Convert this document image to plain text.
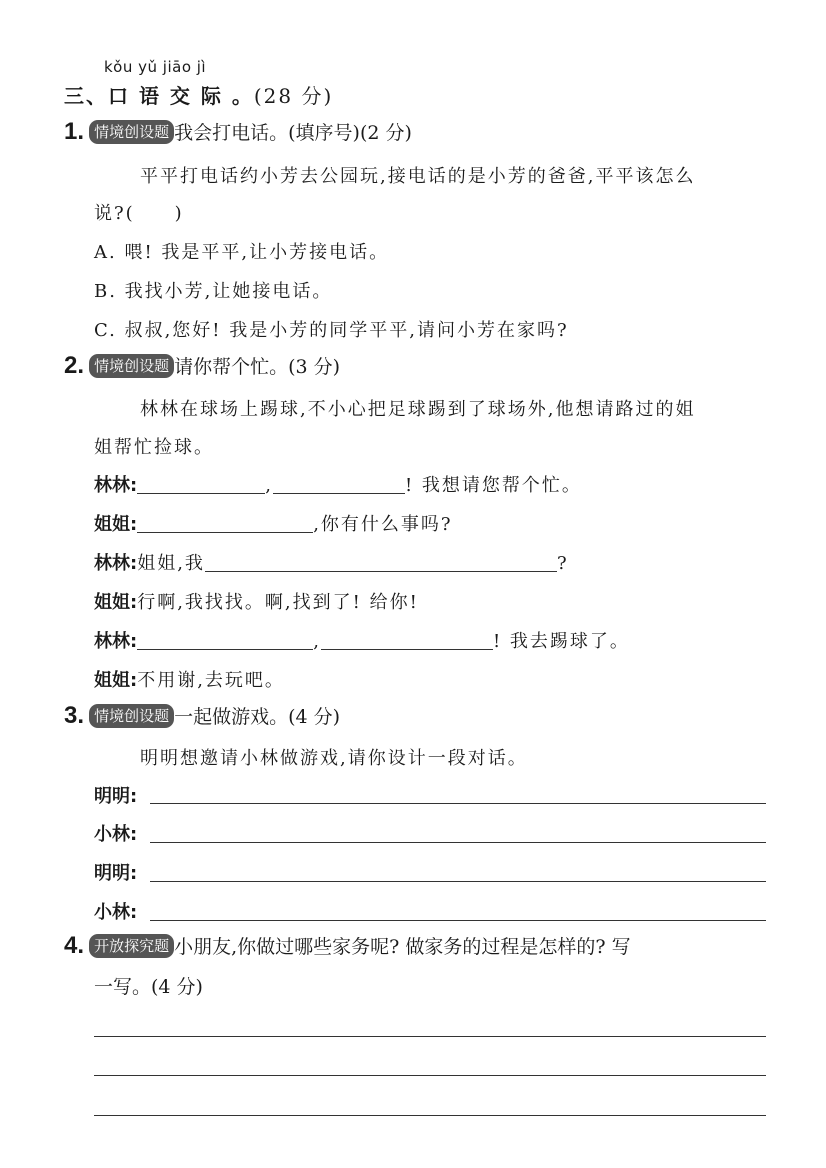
kǒu yǔ jiāo jì
三、口 语 交 际 。(28 分)
1. 情境创设题 我会打电话。(填序号)(2 分)
平平打电话约小芳去公园玩,接电话的是小芳的爸爸,平平该怎么
说?(　　)
A. 喂! 我是平平,让小芳接电话。
B. 我找小芳,让她接电话。
C. 叔叔,您好! 我是小芳的同学平平,请问小芳在家吗?
2. 情境创设题 请你帮个忙。(3 分)
林林在球场上踢球,不小心把足球踢到了球场外,他想请路过的姐
姐帮忙捡球。
林林:	,	! 我想请您帮个忙。
姐姐:	,你有什么事吗?
林林:姐姐,我	?
姐姐:行啊,我找找。啊,找到了! 给你!
林林:	,	! 我去踢球了。
姐姐:不用谢,去玩吧。
3. 情境创设题 一起做游戏。(4 分)
明明想邀请小林做游戏,请你设计一段对话。
明明:
小林:
明明:
小林:
4. 开放探究题 小朋友,你做过哪些家务呢? 做家务的过程是怎样的? 写
一写。(4 分)
